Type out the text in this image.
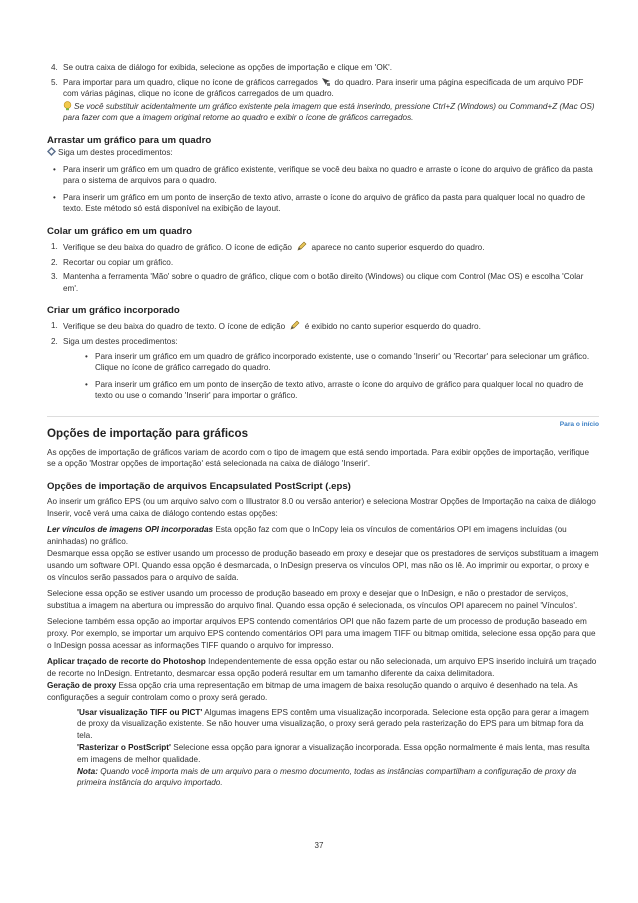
4. Se outra caixa de diálogo for exibida, selecione as opções de importação e clique em 'OK'.
5. Para importar para um quadro, clique no ícone de gráficos carregados do quadro. Para inserir uma página especificada de um arquivo PDF com várias páginas, clique no ícone de gráficos carregados de um quadro.
Se você substituir acidentalmente um gráfico existente pela imagem que está inserindo, pressione Ctrl+Z (Windows) ou Command+Z (Mac OS) para fazer com que a imagem original retorne ao quadro e exibir o ícone de gráficos carregados.
Arrastar um gráfico para um quadro

Siga um destes procedimentos:

• Para inserir um gráfico em um quadro de gráfico existente, verifique se você deu baixa no quadro e arraste o ícone do arquivo de gráfico da pasta para o sistema de arquivos para o quadro.
• Para inserir um gráfico em um ponto de inserção de texto ativo, arraste o ícone do arquivo de gráfico da pasta para qualquer local no quadro de texto. Este método só está disponível na exibição de layout.
Colar um gráfico em um quadro
1. Verifique se deu baixa do quadro de gráfico. O ícone de edição aparece no canto superior esquerdo do quadro.
2. Recortar ou copiar um gráfico.
3. Mantenha a ferramenta 'Mão' sobre o quadro de gráfico, clique com o botão direito (Windows) ou clique com Control (Mac OS) e escolha 'Colar em'.
Criar um gráfico incorporado
1. Verifique se deu baixa do quadro de texto. O ícone de edição é exibido no canto superior esquerdo do quadro.
2. Siga um destes procedimentos:
• Para inserir um gráfico em um quadro de gráfico incorporado existente, use o comando 'Inserir' ou 'Recortar' para selecionar um gráfico. Clique no ícone de gráfico carregado do quadro.
• Para inserir um gráfico em um ponto de inserção de texto ativo, arraste o ícone do arquivo de gráfico para qualquer local no quadro de texto ou use o comando 'Inserir' para importar o gráfico.
Para o início
Opções de importação para gráficos

As opções de importação de gráficos variam de acordo com o tipo de imagem que está sendo importada. Para exibir opções de importação, verifique se a opção 'Mostrar opções de importação' está selecionada na caixa de diálogo 'Inserir'.

Opções de importação de arquivos Encapsulated PostScript (.eps)

Ao inserir um gráfico EPS (ou um arquivo salvo com o Illustrator 8.0 ou versão anterior) e seleciona Mostrar Opções de Importação na caixa de diálogo Inserir, você verá uma caixa de diálogo contendo estas opções:

Ler vínculos de imagens OPI incorporadas Esta opção faz com que o InCopy leia os vínculos de comentários OPI em imagens incluídas (ou aninhadas) no gráfico.

Desmarque essa opção se estiver usando um processo de produção baseado em proxy e desejar que os prestadores de serviços substituam a imagem usando um software OPI. Quando essa opção é desmarcada, o InDesign preserva os vínculos OPI, mas não os lê. Ao imprimir ou exportar, o proxy e os vínculos serão passados para o arquivo de saída.

Selecione essa opção se estiver usando um processo de produção baseado em proxy e desejar que o InDesign, e não o prestador de serviços, substitua a imagem na abertura ou impressão do arquivo final. Quando essa opção é selecionada, os vínculos OPI aparecem no painel 'Vínculos'.

Selecione também essa opção ao importar arquivos EPS contendo comentários OPI que não fazem parte de um processo de produção baseado em proxy. Por exemplo, se importar um arquivo EPS contendo comentários OPI para uma imagem TIFF ou bitmap omitida, selecione essa opção para que o InDesign possa acessar as informações TIFF quando o arquivo for impresso.

Aplicar traçado de recorte do Photoshop Independentemente de essa opção estar ou não selecionada, um arquivo EPS inserido incluirá um traçado de recorte no InDesign. Entretanto, desmarcar essa opção poderá resultar em um tamanho diferente da caixa delimitadora.

Geração de proxy Essa opção cria uma representação em bitmap de uma imagem de baixa resolução quando o arquivo é desenhado na tela. As configurações a seguir controlam como o proxy será gerado.

'Usar visualização TIFF ou PICT' Algumas imagens EPS contêm uma visualização incorporada. Selecione esta opção para gerar a imagem de proxy da visualização existente. Se não houver uma visualização, o proxy será gerado pela rasterização do EPS para um bitmap fora da tela.

'Rasterizar o PostScript' Selecione essa opção para ignorar a visualização incorporada. Essa opção normalmente é mais lenta, mas resulta em imagens de melhor qualidade.

Nota: Quando você importa mais de um arquivo para o mesmo documento, todas as instâncias compartilham a configuração de proxy da primeira instância do arquivo importado.

37
